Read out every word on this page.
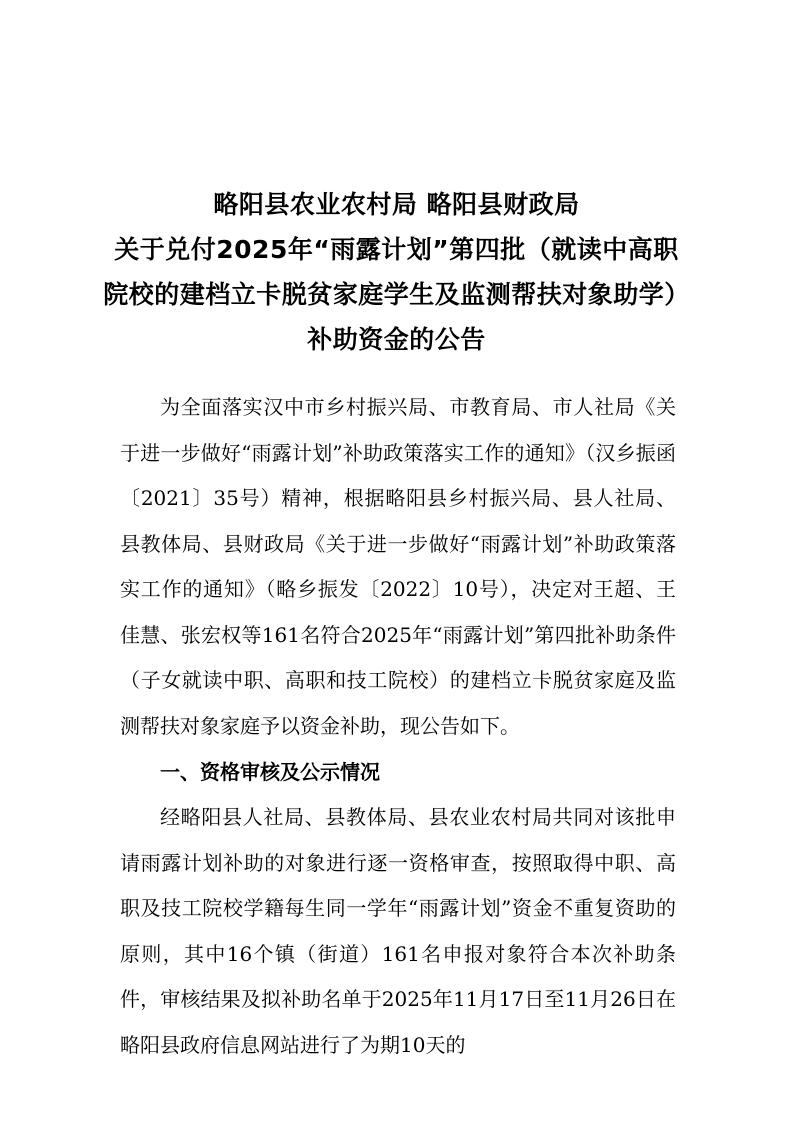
略阳县农业农村局 略阳县财政局
关于兑付2025年“雨露计划”第四批（就读中高职
院校的建档立卡脱贫家庭学生及监测帮扶对象助学）
补助资金的公告

为全面落实汉中市乡村振兴局、市教育局、市人社局《关于进一步做好“雨露计划”补助政策落实工作的通知》（汉乡振函〔2021〕35号）精神，根据略阳县乡村振兴局、县人社局、县教体局、县财政局《关于进一步做好“雨露计划”补助政策落实工作的通知》（略乡振发〔2022〕10号），决定对王超、王佳慧、张宏权等161名符合2025年“雨露计划”第四批补助条件（子女就读中职、高职和技工院校）的建档立卡脱贫家庭及监测帮扶对象家庭予以资金补助，现公告如下。

一、资格审核及公示情况

经略阳县人社局、县教体局、县农业农村局共同对该批申请雨露计划补助的对象进行逐一资格审查，按照取得中职、高职及技工院校学籍每生同一学年“雨露计划”资金不重复资助的原则，其中16个镇（街道）161名申报对象符合本次补助条件，审核结果及拟补助名单于2025年11月17日至11月26日在略阳县政府信息网站进行了为期10天的
